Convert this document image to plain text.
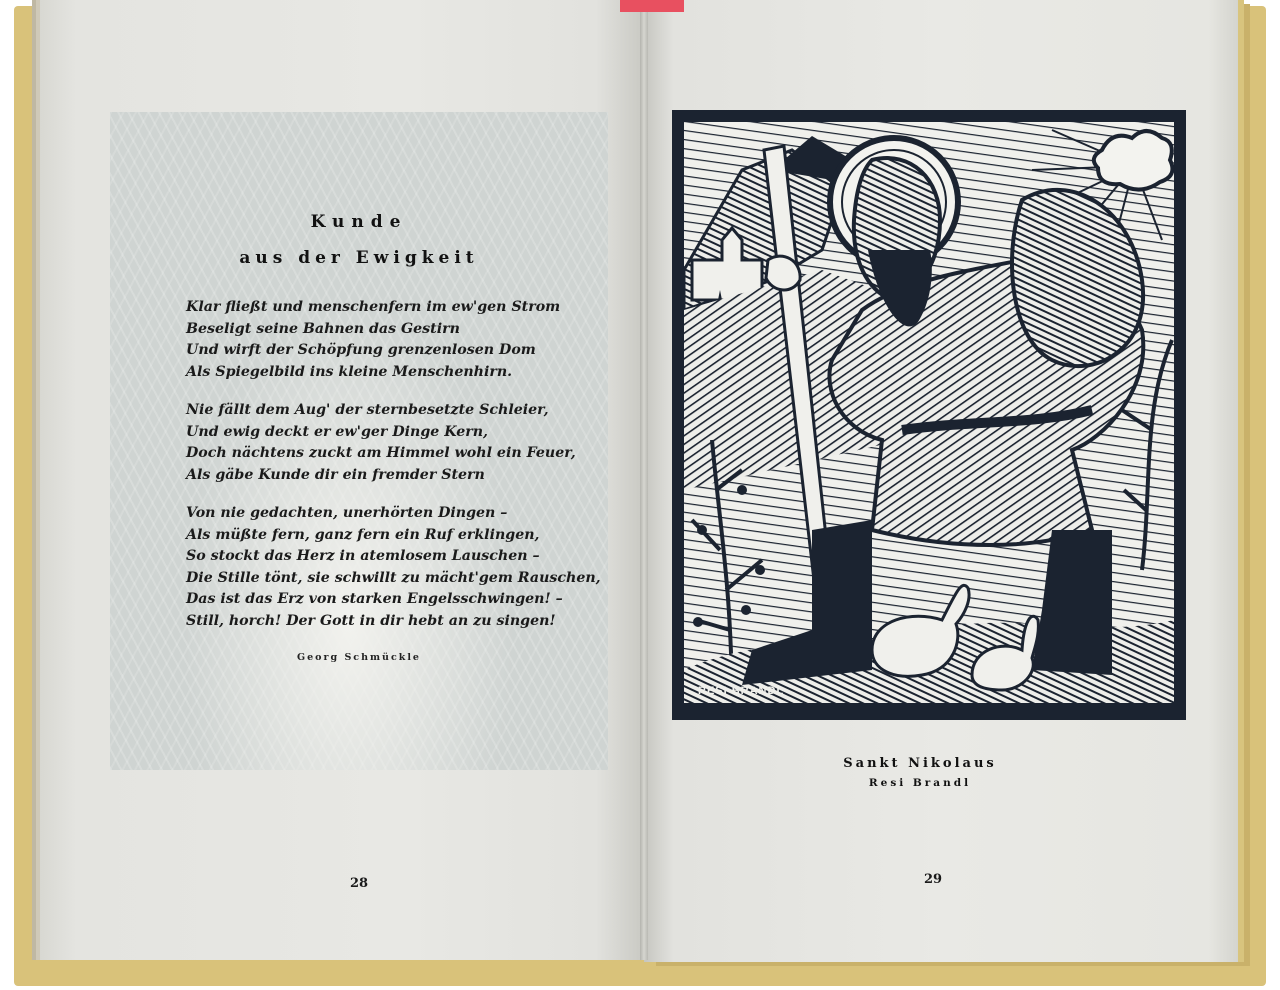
Kunde
aus der Ewigkeit
Klar fließt und menschenfern im ew'gen Strom
Beseligt seine Bahnen das Gestirn
Und wirft der Schöpfung grenzenlosen Dom
Als Spiegelbild ins kleine Menschenhirn.
Nie fällt dem Aug' der sternbesetzte Schleier,
Und ewig deckt er ew'ger Dinge Kern,
Doch nächtens zuckt am Himmel wohl ein Feuer,
Als gäbe Kunde dir ein fremder Stern
Von nie gedachten, unerhörten Dingen –
Als müßte fern, ganz fern ein Ruf erklingen,
So stockt das Herz in atemlosem Lauschen –
Die Stille tönt, sie schwillt zu mächt'gem Rauschen,
Das ist das Erz von starken Engelsschwingen! –
Still, horch! Der Gott in dir hebt an zu singen!
Georg Schmückle
28
RESI BRANDL
Sankt Nikolaus
Resi Brandl
29
